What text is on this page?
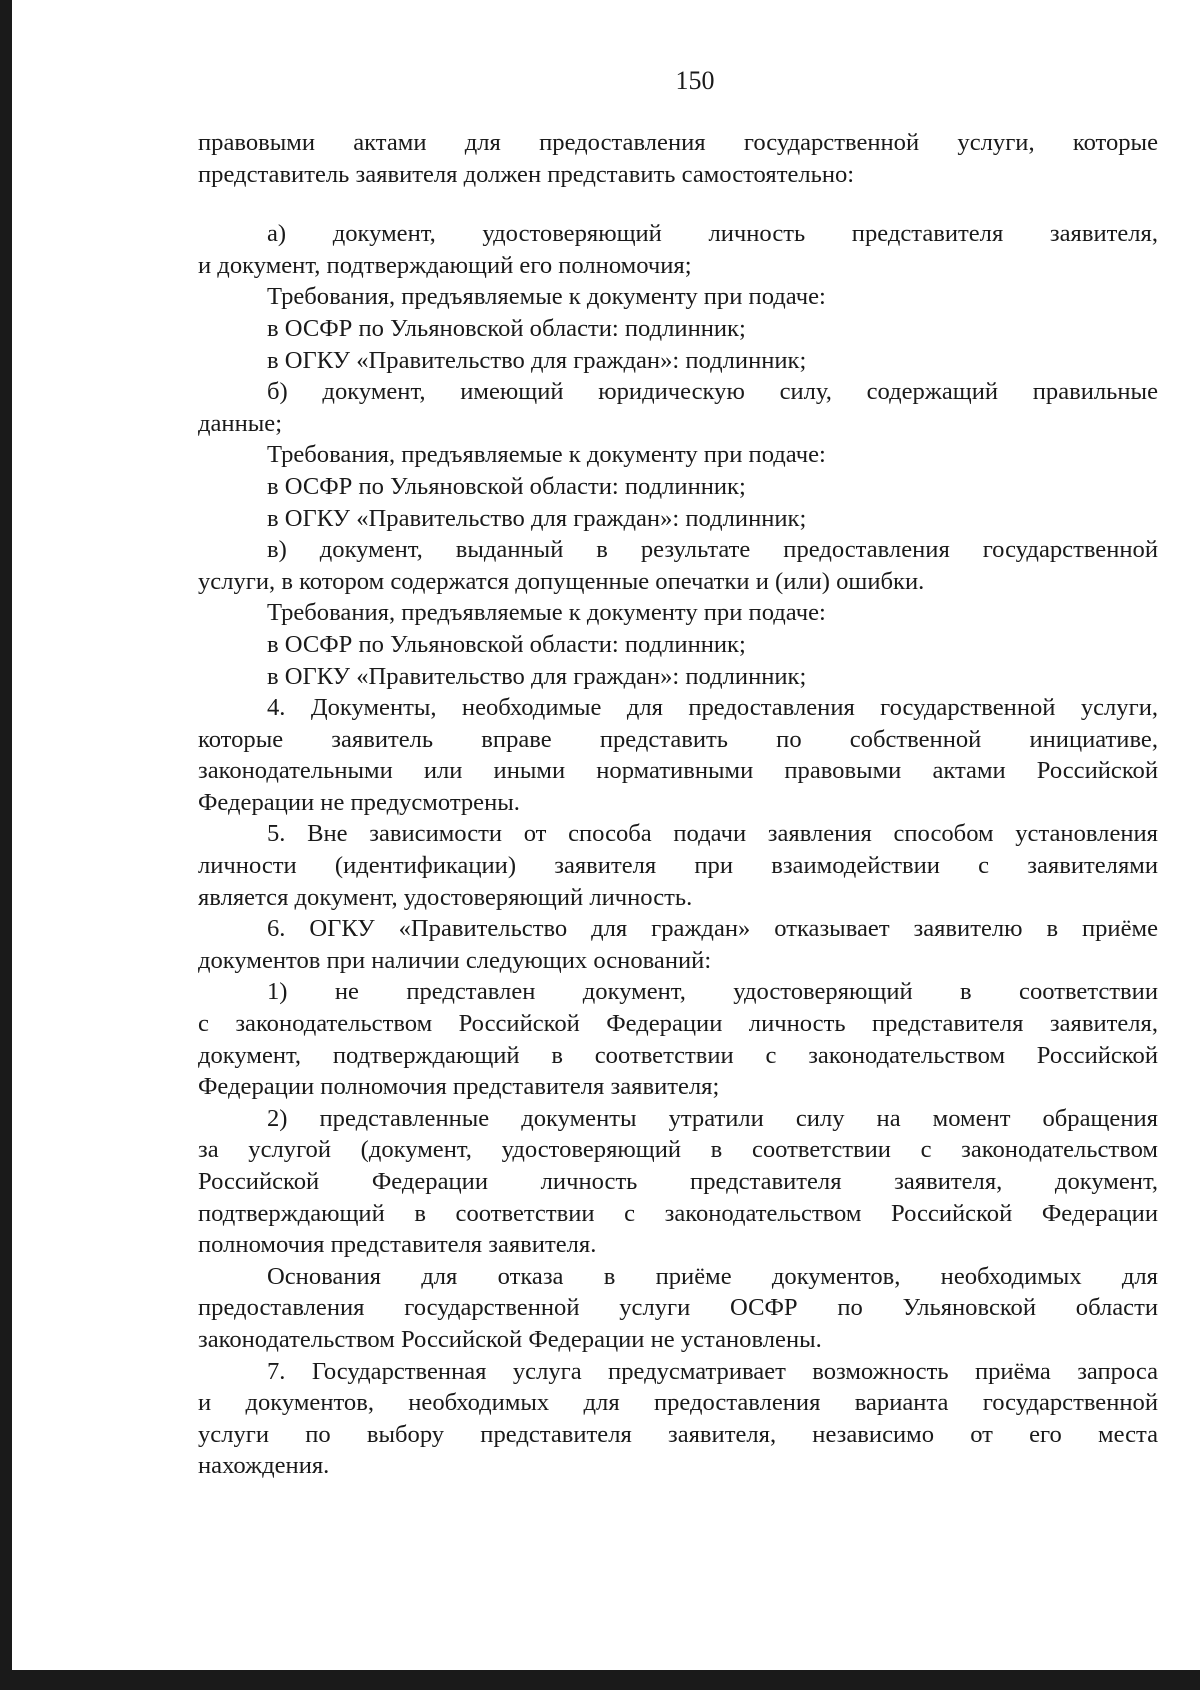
150
правовыми актами для предоставления государственной услуги, которые
представитель заявителя должен представить самостоятельно:
а) документ, удостоверяющий личность представителя заявителя,
и документ, подтверждающий его полномочия;
Требования, предъявляемые к документу при подаче:
в ОСФР по Ульяновской области: подлинник;
в ОГКУ «Правительство для граждан»: подлинник;
б) документ, имеющий юридическую силу, содержащий правильные
данные;
Требования, предъявляемые к документу при подаче:
в ОСФР по Ульяновской области: подлинник;
в ОГКУ «Правительство для граждан»: подлинник;
в) документ, выданный в результате предоставления государственной
услуги, в котором содержатся допущенные опечатки и (или) ошибки.
Требования, предъявляемые к документу при подаче:
в ОСФР по Ульяновской области: подлинник;
в ОГКУ «Правительство для граждан»: подлинник;
4. Документы, необходимые для предоставления государственной услуги,
которые заявитель вправе представить по собственной инициативе,
законодательными или иными нормативными правовыми актами Российской
Федерации не предусмотрены.
5. Вне зависимости от способа подачи заявления способом установления
личности (идентификации) заявителя при взаимодействии с заявителями
является документ, удостоверяющий личность.
6. ОГКУ «Правительство для граждан» отказывает заявителю в приёме
документов при наличии следующих оснований:
1) не представлен документ, удостоверяющий в соответствии
с законодательством Российской Федерации личность представителя заявителя,
документ, подтверждающий в соответствии с законодательством Российской
Федерации полномочия представителя заявителя;
2) представленные документы утратили силу на момент обращения
за услугой (документ, удостоверяющий в соответствии с законодательством
Российской Федерации личность представителя заявителя, документ,
подтверждающий в соответствии с законодательством Российской Федерации
полномочия представителя заявителя.
Основания для отказа в приёме документов, необходимых для
предоставления государственной услуги ОСФР по Ульяновской области
законодательством Российской Федерации не установлены.
7. Государственная услуга предусматривает возможность приёма запроса
и документов, необходимых для предоставления варианта государственной
услуги по выбору представителя заявителя, независимо от его места
нахождения.
